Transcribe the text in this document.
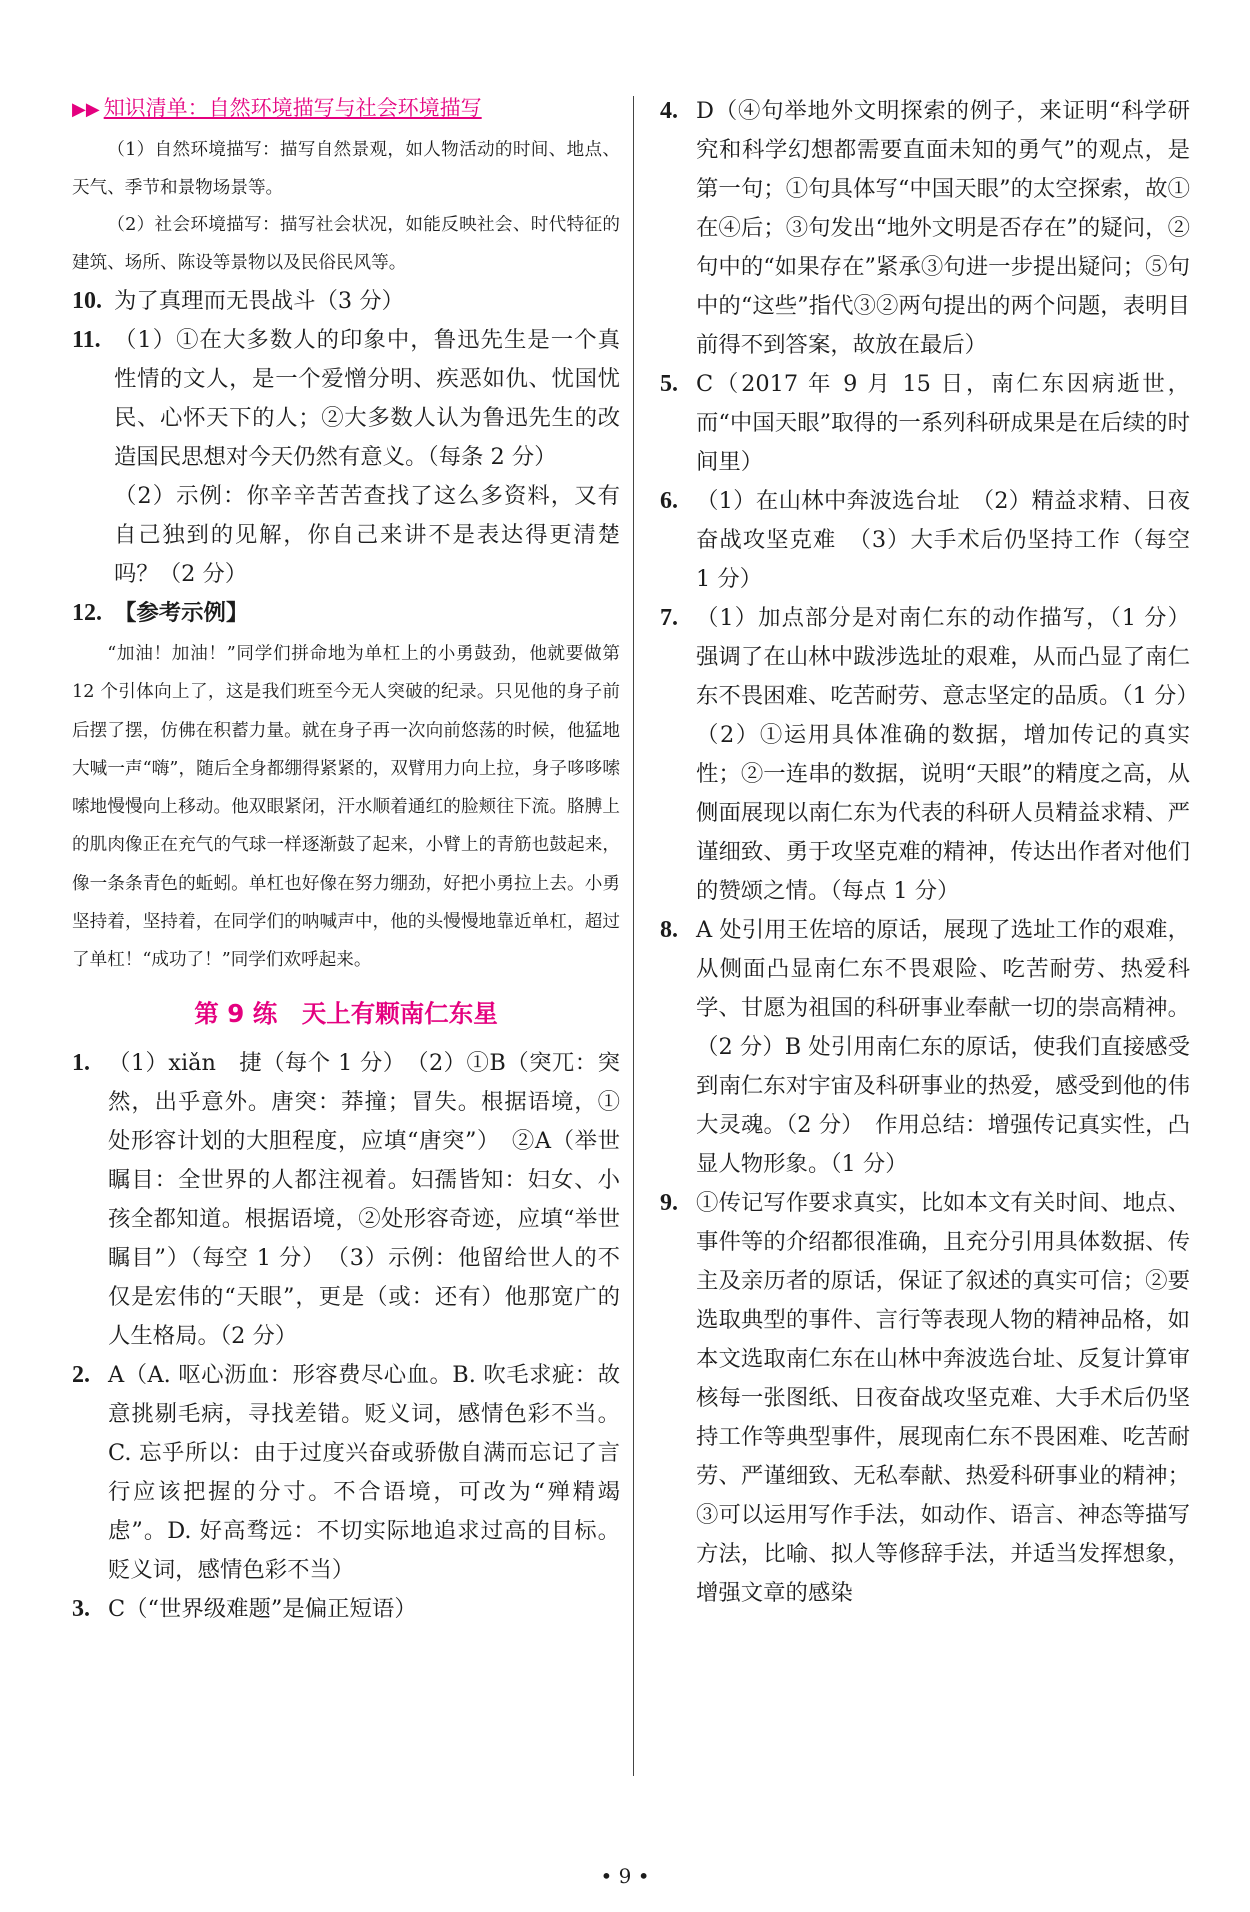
▶▶ 知识清单：自然环境描写与社会环境描写

（1）自然环境描写：描写自然景观，如人物活动的时间、地点、天气、季节和景物场景等。

（2）社会环境描写：描写社会状况，如能反映社会、时代特征的建筑、场所、陈设等景物以及民俗民风等。

10. 为了真理而无畏战斗（3 分）

11. （1）①在大多数人的印象中，鲁迅先生是一个真性情的文人，是一个爱憎分明、疾恶如仇、忧国忧民、心怀天下的人；②大多数人认为鲁迅先生的改造国民思想对今天仍然有意义。（每条 2 分）

（2）示例：你辛辛苦苦查找了这么多资料，又有自己独到的见解，你自己来讲不是表达得更清楚吗？（2 分）

12. 【参考示例】

“加油！加油！”同学们拼命地为单杠上的小勇鼓劲，他就要做第 12 个引体向上了，这是我们班至今无人突破的纪录。只见他的身子前后摆了摆，仿佛在积蓄力量。就在身子再一次向前悠荡的时候，他猛地大喊一声“嗨”，随后全身都绷得紧紧的，双臂用力向上拉，身子哆哆嗦嗦地慢慢向上移动。他双眼紧闭，汗水顺着通红的脸颊往下流。胳膊上的肌肉像正在充气的气球一样逐渐鼓了起来，小臂上的青筋也鼓起来，像一条条青色的蚯蚓。单杠也好像在努力绷劲，好把小勇拉上去。小勇坚持着，坚持着，在同学们的呐喊声中，他的头慢慢地靠近单杠，超过了单杠！“成功了！”同学们欢呼起来。

第 9 练　天上有颗南仁东星
1. （1）xiǎn　捷（每个 1 分）　（2）①B（突兀：突然，出乎意外。唐突：莽撞；冒失。根据语境，①处形容计划的大胆程度，应填“唐突”）　②A（举世瞩目：全世界的人都注视着。妇孺皆知：妇女、小孩全都知道。根据语境，②处形容奇迹，应填“举世瞩目”）（每空 1 分）　（3）示例：他留给世人的不仅是宏伟的“天眼”，更是（或：还有）他那宽广的人生格局。（2 分）

2. A（A. 呕心沥血：形容费尽心血。B. 吹毛求疵：故意挑剔毛病，寻找差错。贬义词，感情色彩不当。C. 忘乎所以：由于过度兴奋或骄傲自满而忘记了言行应该把握的分寸。不合语境，可改为“殚精竭虑”。D. 好高骛远：不切实际地追求过高的目标。贬义词，感情色彩不当）

3. C（“世界级难题”是偏正短语）

4. D（④句举地外文明探索的例子，来证明“科学研究和科学幻想都需要直面未知的勇气”的观点，是第一句；①句具体写“中国天眼”的太空探索，故①在④后；③句发出“地外文明是否存在”的疑问，②句中的“如果存在”紧承③句进一步提出疑问；⑤句中的“这些”指代③②两句提出的两个问题，表明目前得不到答案，故放在最后）

5. C（2017 年 9 月 15 日，南仁东因病逝世，而“中国天眼”取得的一系列科研成果是在后续的时间里）

6. （1）在山林中奔波选台址　（2）精益求精、日夜奋战攻坚克难　（3）大手术后仍坚持工作（每空 1 分）

7. （1）加点部分是对南仁东的动作描写，（1 分）强调了在山林中跋涉选址的艰难，从而凸显了南仁东不畏困难、吃苦耐劳、意志坚定的品质。（1 分）

（2）①运用具体准确的数据，增加传记的真实性；②一连串的数据，说明“天眼”的精度之高，从侧面展现以南仁东为代表的科研人员精益求精、严谨细致、勇于攻坚克难的精神，传达出作者对他们的赞颂之情。（每点 1 分）

8. A 处引用王佐培的原话，展现了选址工作的艰难，从侧面凸显南仁东不畏艰险、吃苦耐劳、热爱科学、甘愿为祖国的科研事业奉献一切的崇高精神。（2 分）B 处引用南仁东的原话，使我们直接感受到南仁东对宇宙及科研事业的热爱，感受到他的伟大灵魂。（2 分）　作用总结：增强传记真实性，凸显人物形象。（1 分）

9. ①传记写作要求真实，比如本文有关时间、地点、事件等的介绍都很准确，且充分引用具体数据、传主及亲历者的原话，保证了叙述的真实可信；②要选取典型的事件、言行等表现人物的精神品格，如本文选取南仁东在山林中奔波选台址、反复计算审核每一张图纸、日夜奋战攻坚克难、大手术后仍坚持工作等典型事件，展现南仁东不畏困难、吃苦耐劳、严谨细致、无私奉献、热爱科研事业的精神；③可以运用写作手法，如动作、语言、神态等描写方法，比喻、拟人等修辞手法，并适当发挥想象，增强文章的感染

• 9 •
